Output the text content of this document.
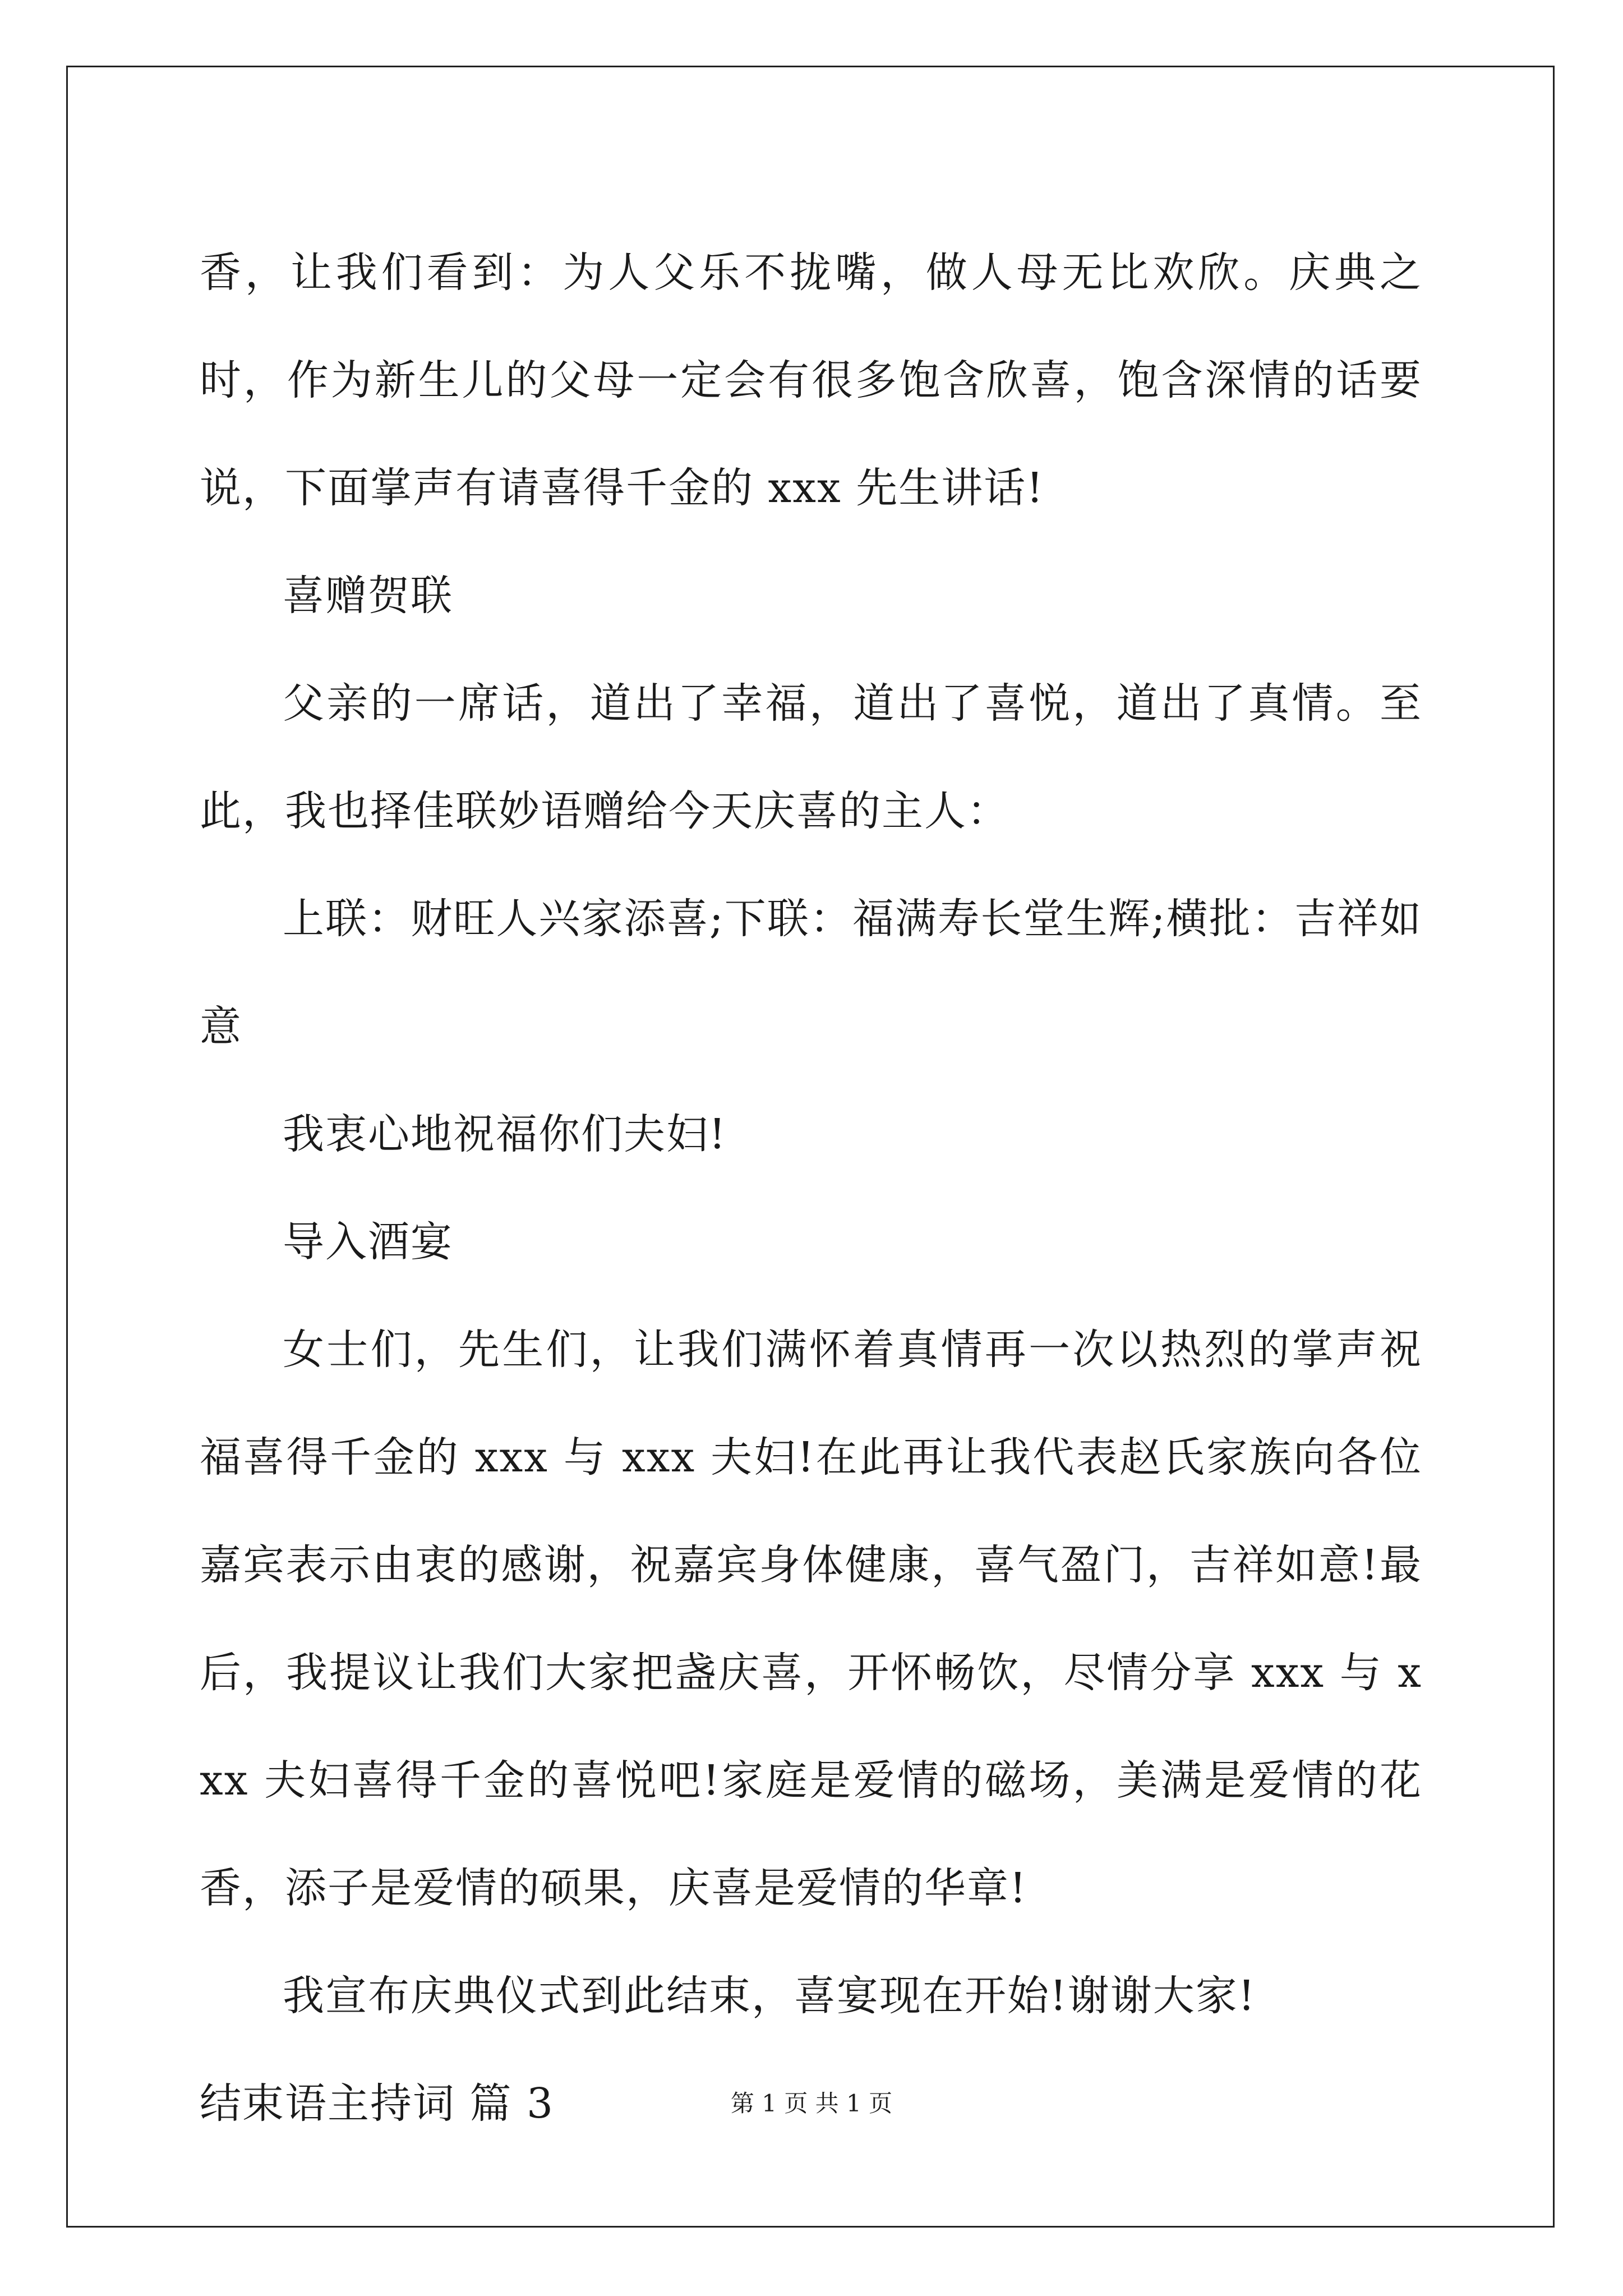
香，让我们看到：为人父乐不拢嘴，做人母无比欢欣。庆典之时，作为新生儿的父母一定会有很多饱含欣喜，饱含深情的话要说，下面掌声有请喜得千金的 xxx 先生讲话!

喜赠贺联

父亲的一席话，道出了幸福，道出了喜悦，道出了真情。至此，我也择佳联妙语赠给今天庆喜的主人：

上联：财旺人兴家添喜;下联：福满寿长堂生辉;横批：吉祥如意

我衷心地祝福你们夫妇!

导入酒宴

女士们，先生们，让我们满怀着真情再一次以热烈的掌声祝福喜得千金的 xxx 与 xxx 夫妇!在此再让我代表赵氏家族向各位嘉宾表示由衷的感谢，祝嘉宾身体健康，喜气盈门，吉祥如意!最后，我提议让我们大家把盏庆喜，开怀畅饮，尽情分享 xxx 与 xxx 夫妇喜得千金的喜悦吧!家庭是爱情的磁场，美满是爱情的花香，添子是爱情的硕果，庆喜是爱情的华章!

我宣布庆典仪式到此结束，喜宴现在开始!谢谢大家!

结束语主持词 篇 3	第 1 页 共 1 页
